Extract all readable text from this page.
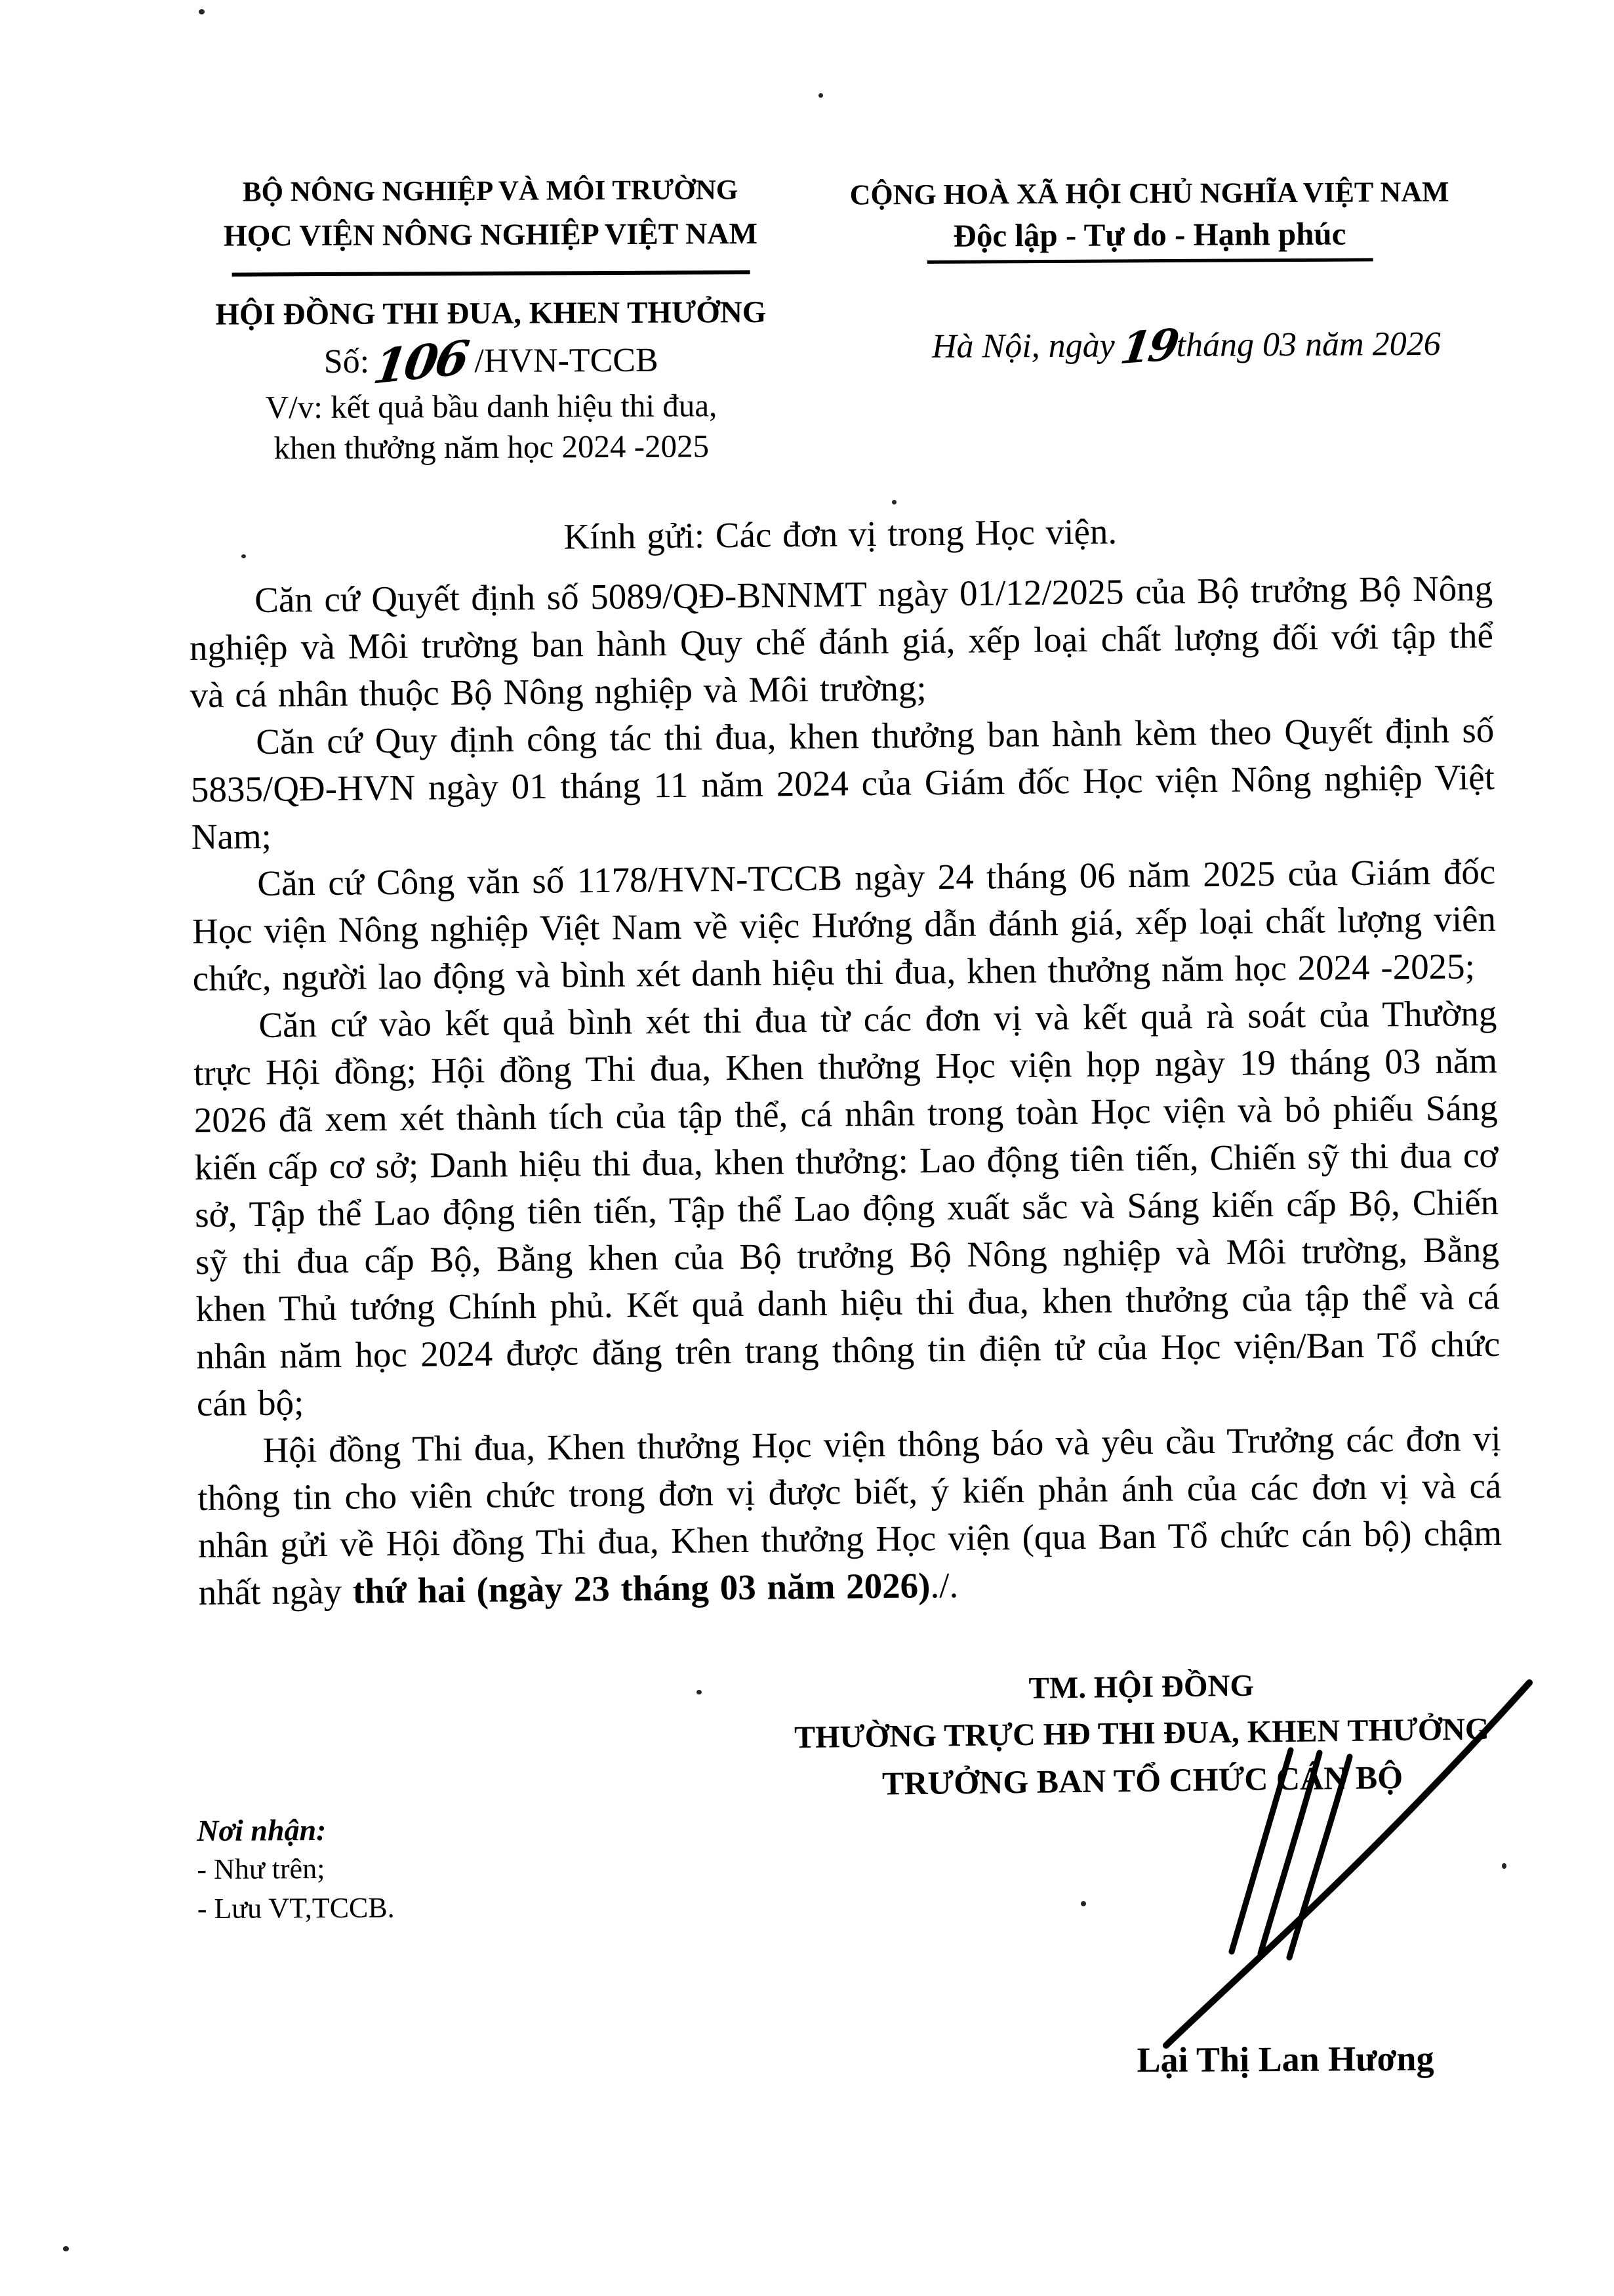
BỘ NÔNG NGHIỆP VÀ MÔI TRƯỜNG
HỌC VIỆN NÔNG NGHIỆP VIỆT NAM
HỘI ĐỒNG THI ĐUA, KHEN THƯỞNG
Số:106 /HVN-TCCB
V/v: kết quả bầu danh hiệu thi đua,
khen thưởng năm học 2024 -2025
CỘNG HOÀ XÃ HỘI CHỦ NGHĨA VIỆT NAM
Độc lập - Tự do - Hạnh phúc
Hà Nội, ngày19tháng 03 năm 2026

Kính gửi: Các đơn vị trong Học viện.

Căn cứ Quyết định số 5089/QĐ-BNNMT ngày 01/12/2025 của Bộ trưởng Bộ Nông nghiệp và Môi trường ban hành Quy chế đánh giá, xếp loại chất lượng đối với tập thể và cá nhân thuộc Bộ Nông nghiệp và Môi trường;

Căn cứ Quy định công tác thi đua, khen thưởng ban hành kèm theo Quyết định số 5835/QĐ-HVN ngày 01 tháng 11 năm 2024 của Giám đốc Học viện Nông nghiệp Việt Nam;

Căn cứ Công văn số 1178/HVN-TCCB ngày 24 tháng 06 năm 2025 của Giám đốc Học viện Nông nghiệp Việt Nam về việc Hướng dẫn đánh giá, xếp loại chất lượng viên chức, người lao động và bình xét danh hiệu thi đua, khen thưởng năm học 2024 -2025;

Căn cứ vào kết quả bình xét thi đua từ các đơn vị và kết quả rà soát của Thường trực Hội đồng; Hội đồng Thi đua, Khen thưởng Học viện họp ngày 19 tháng 03 năm 2026 đã xem xét thành tích của tập thể, cá nhân trong toàn Học viện và bỏ phiếu Sáng kiến cấp cơ sở; Danh hiệu thi đua, khen thưởng: Lao động tiên tiến, Chiến sỹ thi đua cơ sở, Tập thể Lao động tiên tiến, Tập thể Lao động xuất sắc và Sáng kiến cấp Bộ, Chiến sỹ thi đua cấp Bộ, Bằng khen của Bộ trưởng Bộ Nông nghiệp và Môi trường, Bằng khen Thủ tướng Chính phủ. Kết quả danh hiệu thi đua, khen thưởng của tập thể và cá nhân năm học 2024 được đăng trên trang thông tin điện tử của Học viện/Ban Tổ chức cán bộ;

Hội đồng Thi đua, Khen thưởng Học viện thông báo và yêu cầu Trưởng các đơn vị thông tin cho viên chức trong đơn vị được biết, ý kiến phản ánh của các đơn vị và cá nhân gửi về Hội đồng Thi đua, Khen thưởng Học viện (qua Ban Tổ chức cán bộ) chậm nhất ngày thứ hai (ngày 23 tháng 03 năm 2026)./.

TM. HỘI ĐỒNG
THƯỜNG TRỰC HĐ THI ĐUA, KHEN THƯỞNG
TRƯỞNG BAN TỔ CHỨC CÁN BỘ
Lại Thị Lan Hương
Nơi nhận:
- Như trên;
- Lưu VT,TCCB.
